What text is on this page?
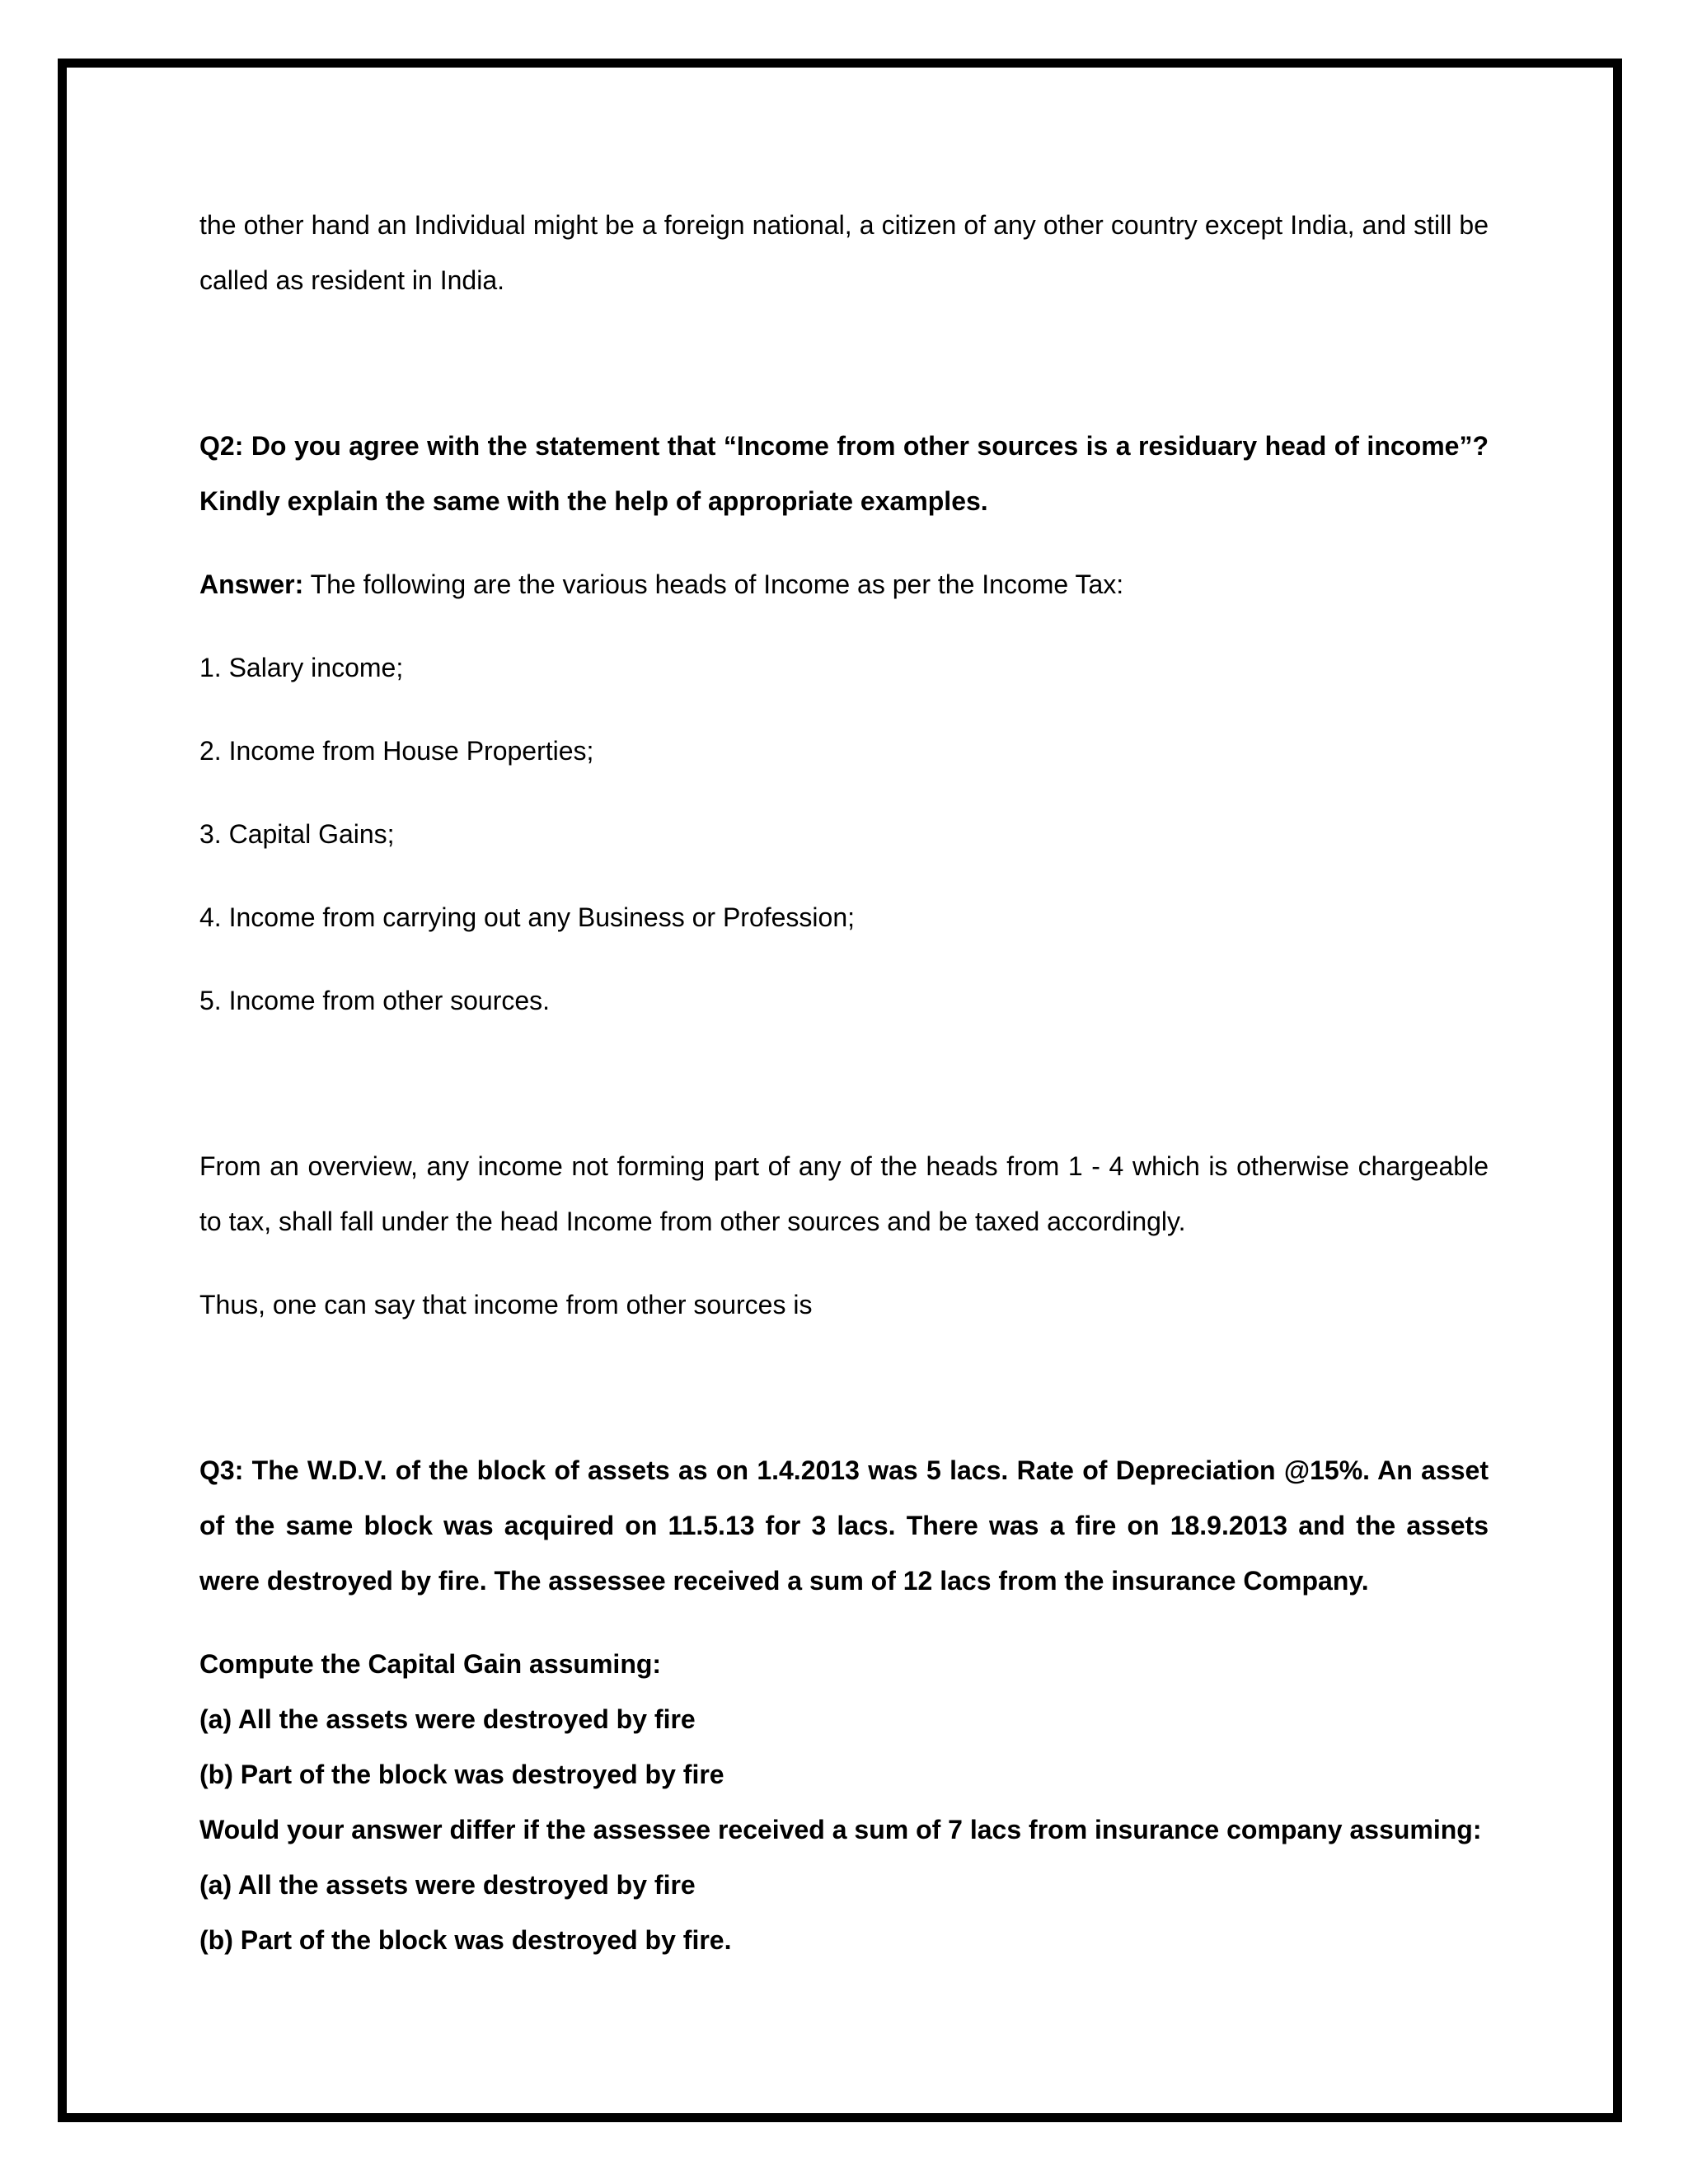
the other hand an Individual might be a foreign national, a citizen of any other country except India, and still be called as resident in India.

Q2: Do you agree with the statement that “Income from other sources is a residuary head of income”? Kindly explain the same with the help of appropriate examples.

Answer: The following are the various heads of Income as per the Income Tax:

1. Salary income;

2. Income from House Properties;

3. Capital Gains;

4. Income from carrying out any Business or Profession;

5. Income from other sources.

From an overview, any income not forming part of any of the heads from 1 - 4 which is otherwise chargeable to tax, shall fall under the head Income from other sources and be taxed accordingly.

Thus, one can say that income from other sources is

Q3: The W.D.V. of the block of assets as on 1.4.2013 was 5 lacs. Rate of Depreciation @15%. An asset of the same block was acquired on 11.5.13 for 3 lacs. There was a fire on 18.9.2013 and the assets were destroyed by fire. The assessee received a sum of 12 lacs from the insurance Company.

Compute the Capital Gain assuming:

(a) All the assets were destroyed by fire

(b) Part of the block was destroyed by fire

Would your answer differ if the assessee received a sum of 7 lacs from insurance company assuming:

(a) All the assets were destroyed by fire

(b) Part of the block was destroyed by fire.
